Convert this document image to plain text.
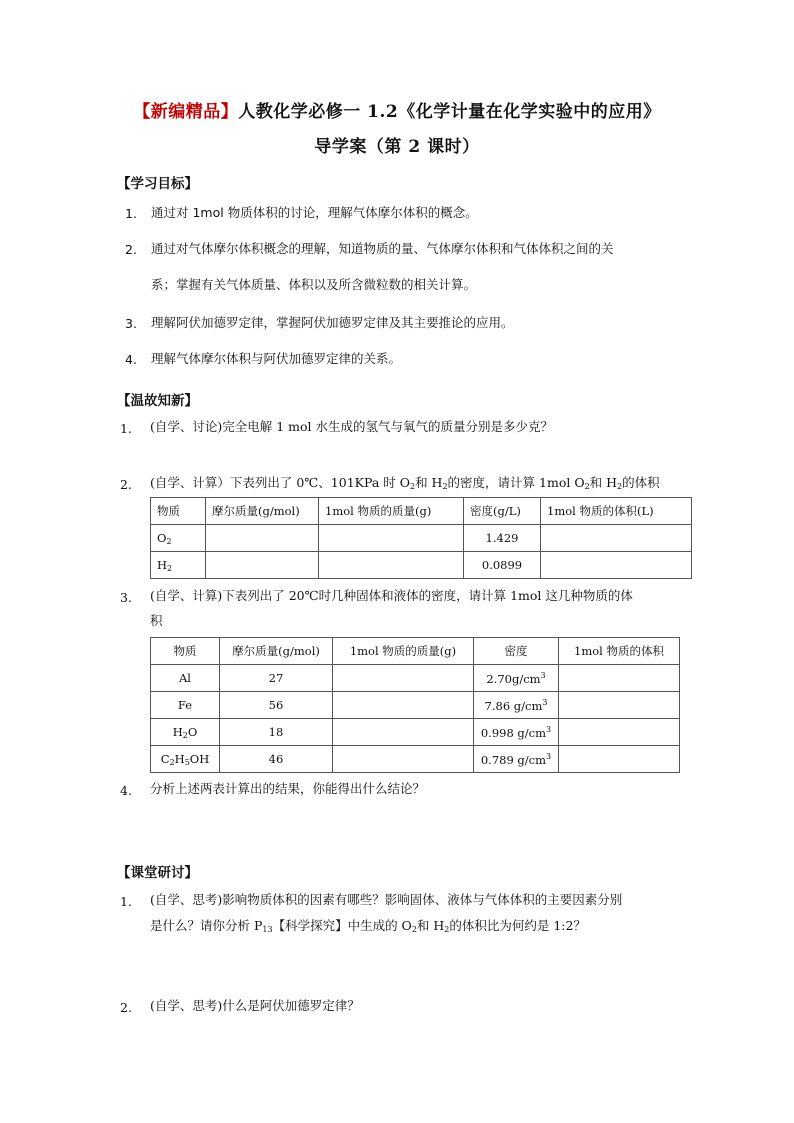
【新编精品】人教化学必修一 1.2《化学计量在化学实验中的应用》
导学案（第 2 课时）
【学习目标】
1. 通过对 1mol 物质体积的讨论，理解气体摩尔体积的概念。
2. 通过对气体摩尔体积概念的理解，知道物质的量、气体摩尔体积和气体体积之间的关
系；掌握有关气体质量、体积以及所含微粒数的相关计算。
3. 理解阿伏加德罗定律，掌握阿伏加德罗定律及其主要推论的应用。
4. 理解气体摩尔体积与阿伏加德罗定律的关系。
【温故知新】
1. (自学、讨论)完全电解 1 mol 水生成的氢气与氧气的质量分别是多少克？
2. (自学、计算）下表列出了 0℃、101KPa 时 $O_2$和 $H_2$的密度，请计算 1mol $O_2$和 $H_2$的体积
物质	摩尔质量(g/mol)	1mol 物质的质量(g)	密度(g/L)	1mol 物质的体积(L)
$O_2$			1.429	
$H_2$			0.0899	
3. (自学、计算)下表列出了 20℃时几种固体和液体的密度，请计算 1mol 这几种物质的体
积
物质	摩尔质量(g/mol)	1mol 物质的质量(g)	密度	1mol 物质的体积
Al	27		$2.70g/cm^3$	
Fe	56		7.86 $g/cm^3$	
$H_2O$	18		0.998 $g/cm^3$	
$C_2H_5OH$	46		0.789 $g/cm^3$	
4. 分析上述两表计算出的结果，你能得出什么结论？
【课堂研讨】
1. (自学、思考)影响物质体积的因素有哪些？影响固体、液体与气体体积的主要因素分别
是什么？请你分析 $P_{13}$【科学探究】中生成的 $O_2$和 $H_2$的体积比为何约是 1:2？
2. (自学、思考)什么是阿伏加德罗定律？
